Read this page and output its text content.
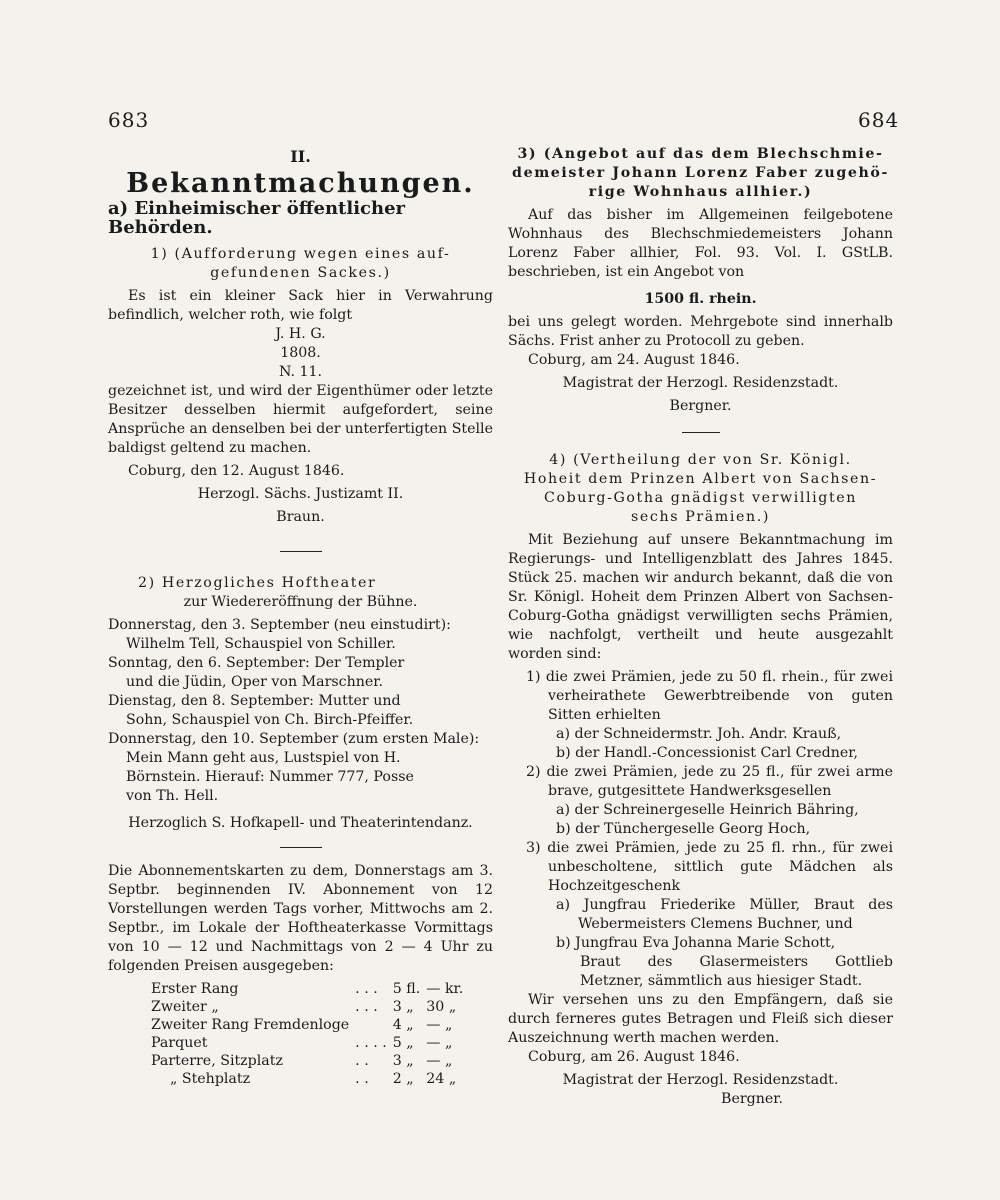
683	684

II.

Bekanntmachungen.

a) Einheimischer öffentlicher Behörden.

1) (Aufforderung wegen eines auf-

gefundenen Sackes.)

Es ist ein kleiner Sack hier in Verwahrung befindlich, welcher roth, wie folgt

J. H. G.

1808.

N. 11.

gezeichnet ist, und wird der Eigenthümer oder letzte Besitzer desselben hiermit aufgefordert, seine Ansprüche an denselben bei der unterfertigten Stelle baldigst geltend zu machen.

Coburg, den 12. August 1846.

Herzogl. Sächs. Justizamt II.

Braun.

2) Herzogliches Hoftheater

zur Wiedereröffnung der Bühne.

Donnerstag, den 3. September (neu einstudirt):

Wilhelm Tell, Schauspiel von Schiller.

Sonntag, den 6. September: Der Templer

und die Jüdin, Oper von Marschner.

Dienstag, den 8. September: Mutter und

Sohn, Schauspiel von Ch. Birch-Pfeiffer.

Donnerstag, den 10. September (zum ersten Male):

Mein Mann geht aus, Lustspiel von H.

Börnstein. Hierauf: Nummer 777, Posse

von Th. Hell.

Herzoglich S. Hofkapell- und Theaterintendanz.

Die Abonnementskarten zu dem, Donnerstags am 3. Septbr. beginnenden IV. Abonnement von 12 Vorstellungen werden Tags vorher, Mittwochs am 2. Septbr., im Lokale der Hoftheaterkasse Vormittags von 10 — 12 und Nachmittags von 2 — 4 Uhr zu folgenden Preisen ausgegeben:

Erster Rang	. . .	5 fl.	— kr.
Zweiter „	. . .	3 „	30 „
Zweiter Rang Fremdenloge		4 „	— „
Parquet	. . . .	5 „	— „
Parterre, Sitzplatz	. .	3 „	— „
„ Stehplatz	. .	2 „	24 „

3) (Angebot auf das dem Blechschmie-

demeister Johann Lorenz Faber zugehö-

rige Wohnhaus allhier.)

Auf das bisher im Allgemeinen feilgebotene Wohnhaus des Blechschmiedemeisters Johann Lorenz Faber allhier, Fol. 93. Vol. I. GStLB. beschrieben, ist ein Angebot von

1500 fl. rhein.

bei uns gelegt worden. Mehrgebote sind innerhalb Sächs. Frist anher zu Protocoll zu geben.

Coburg, am 24. August 1846.

Magistrat der Herzogl. Residenzstadt.

Bergner.

4) (Vertheilung der von Sr. Königl.

Hoheit dem Prinzen Albert von Sachsen-

Coburg-Gotha gnädigst verwilligten

sechs Prämien.)

Mit Beziehung auf unsere Bekanntmachung im Regierungs- und Intelligenzblatt des Jahres 1845. Stück 25. machen wir andurch bekannt, daß die von Sr. Königl. Hoheit dem Prinzen Albert von Sachsen-Coburg-Gotha gnädigst verwilligten sechs Prämien, wie nachfolgt, vertheilt und heute ausgezahlt worden sind:

1) die zwei Prämien, jede zu 50 fl. rhein., für zwei verheirathete Gewerbtreibende von guten Sitten erhielten

a) der Schneidermstr. Joh. Andr. Krauß,

b) der Handl.-Concessionist Carl Credner,

2) die zwei Prämien, jede zu 25 fl., für zwei arme brave, gutgesittete Handwerksgesellen

a) der Schreinergeselle Heinrich Bähring,

b) der Tünchergeselle Georg Hoch,

3) die zwei Prämien, jede zu 25 fl. rhn., für zwei unbescholtene, sittlich gute Mädchen als Hochzeitgeschenk

a) Jungfrau Friederike Müller, Braut des Webermeisters Clemens Buchner, und

b) Jungfrau Eva Johanna Marie Schott,

Braut des Glasermeisters Gottlieb Metzner, sämmtlich aus hiesiger Stadt.

Wir versehen uns zu den Empfängern, daß sie durch ferneres gutes Betragen und Fleiß sich dieser Auszeichnung werth machen werden.

Coburg, am 26. August 1846.

Magistrat der Herzogl. Residenzstadt.

Bergner.
